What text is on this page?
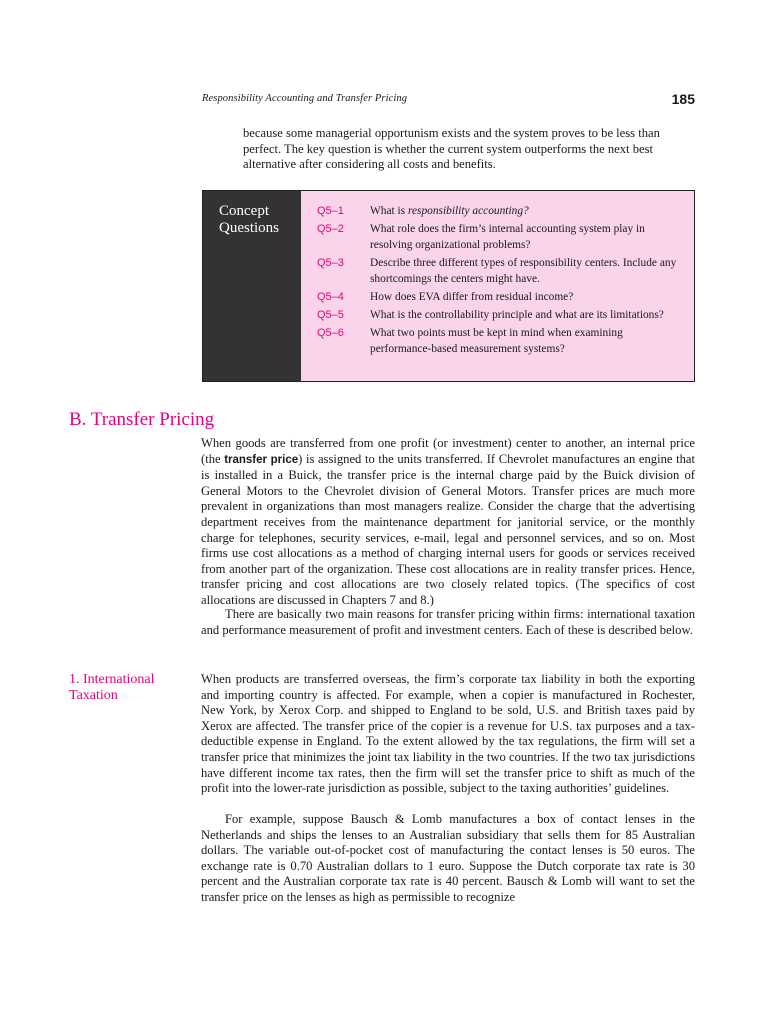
Responsibility Accounting and Transfer Pricing	185

because some managerial opportunism exists and the system proves to be less than perfect. The key question is whether the current system outperforms the next best alternative after considering all costs and benefits.

Concept
Questions
Q5–1	What is responsibility accounting?
Q5–2	What role does the firm’s internal accounting system play in resolving organizational problems?
Q5–3	Describe three different types of responsibility centers. Include any shortcomings the centers might have.
Q5–4	How does EVA differ from residual income?
Q5–5	What is the controllability principle and what are its limitations?
Q5–6	What two points must be kept in mind when examining performance-based measurement systems?
B. Transfer Pricing

When goods are transferred from one profit (or investment) center to another, an internal price (the transfer price) is assigned to the units transferred. If Chevrolet manufactures an engine that is installed in a Buick, the transfer price is the internal charge paid by the Buick division of General Motors to the Chevrolet division of General Motors. Transfer prices are much more prevalent in organizations than most managers realize. Consider the charge that the advertising department receives from the maintenance department for janitorial service, or the monthly charge for telephones, security services, e-mail, legal and personnel services, and so on. Most firms use cost allocations as a method of charging internal users for goods or services received from another part of the organization. These cost allocations are in reality transfer prices. Hence, transfer pricing and cost allocations are two closely related topics. (The specifics of cost allocations are discussed in Chapters 7 and 8.)

There are basically two main reasons for transfer pricing within firms: international taxation and performance measurement of profit and investment centers. Each of these is described below.

1. International
Taxation

When products are transferred overseas, the firm’s corporate tax liability in both the exporting and importing country is affected. For example, when a copier is manufactured in Rochester, New York, by Xerox Corp. and shipped to England to be sold, U.S. and British taxes paid by Xerox are affected. The transfer price of the copier is a revenue for U.S. tax purposes and a tax-deductible expense in England. To the extent allowed by the tax regulations, the firm will set a transfer price that minimizes the joint tax liability in the two countries. If the two tax jurisdictions have different income tax rates, then the firm will set the transfer price to shift as much of the profit into the lower-rate jurisdiction as possible, subject to the taxing authorities’ guidelines.

For example, suppose Bausch & Lomb manufactures a box of contact lenses in the Netherlands and ships the lenses to an Australian subsidiary that sells them for 85 Australian dollars. The variable out-of-pocket cost of manufacturing the contact lenses is 50 euros. The exchange rate is 0.70 Australian dollars to 1 euro. Suppose the Dutch corporate tax rate is 30 percent and the Australian corporate tax rate is 40 percent. Bausch & Lomb will want to set the transfer price on the lenses as high as permissible to recognize
